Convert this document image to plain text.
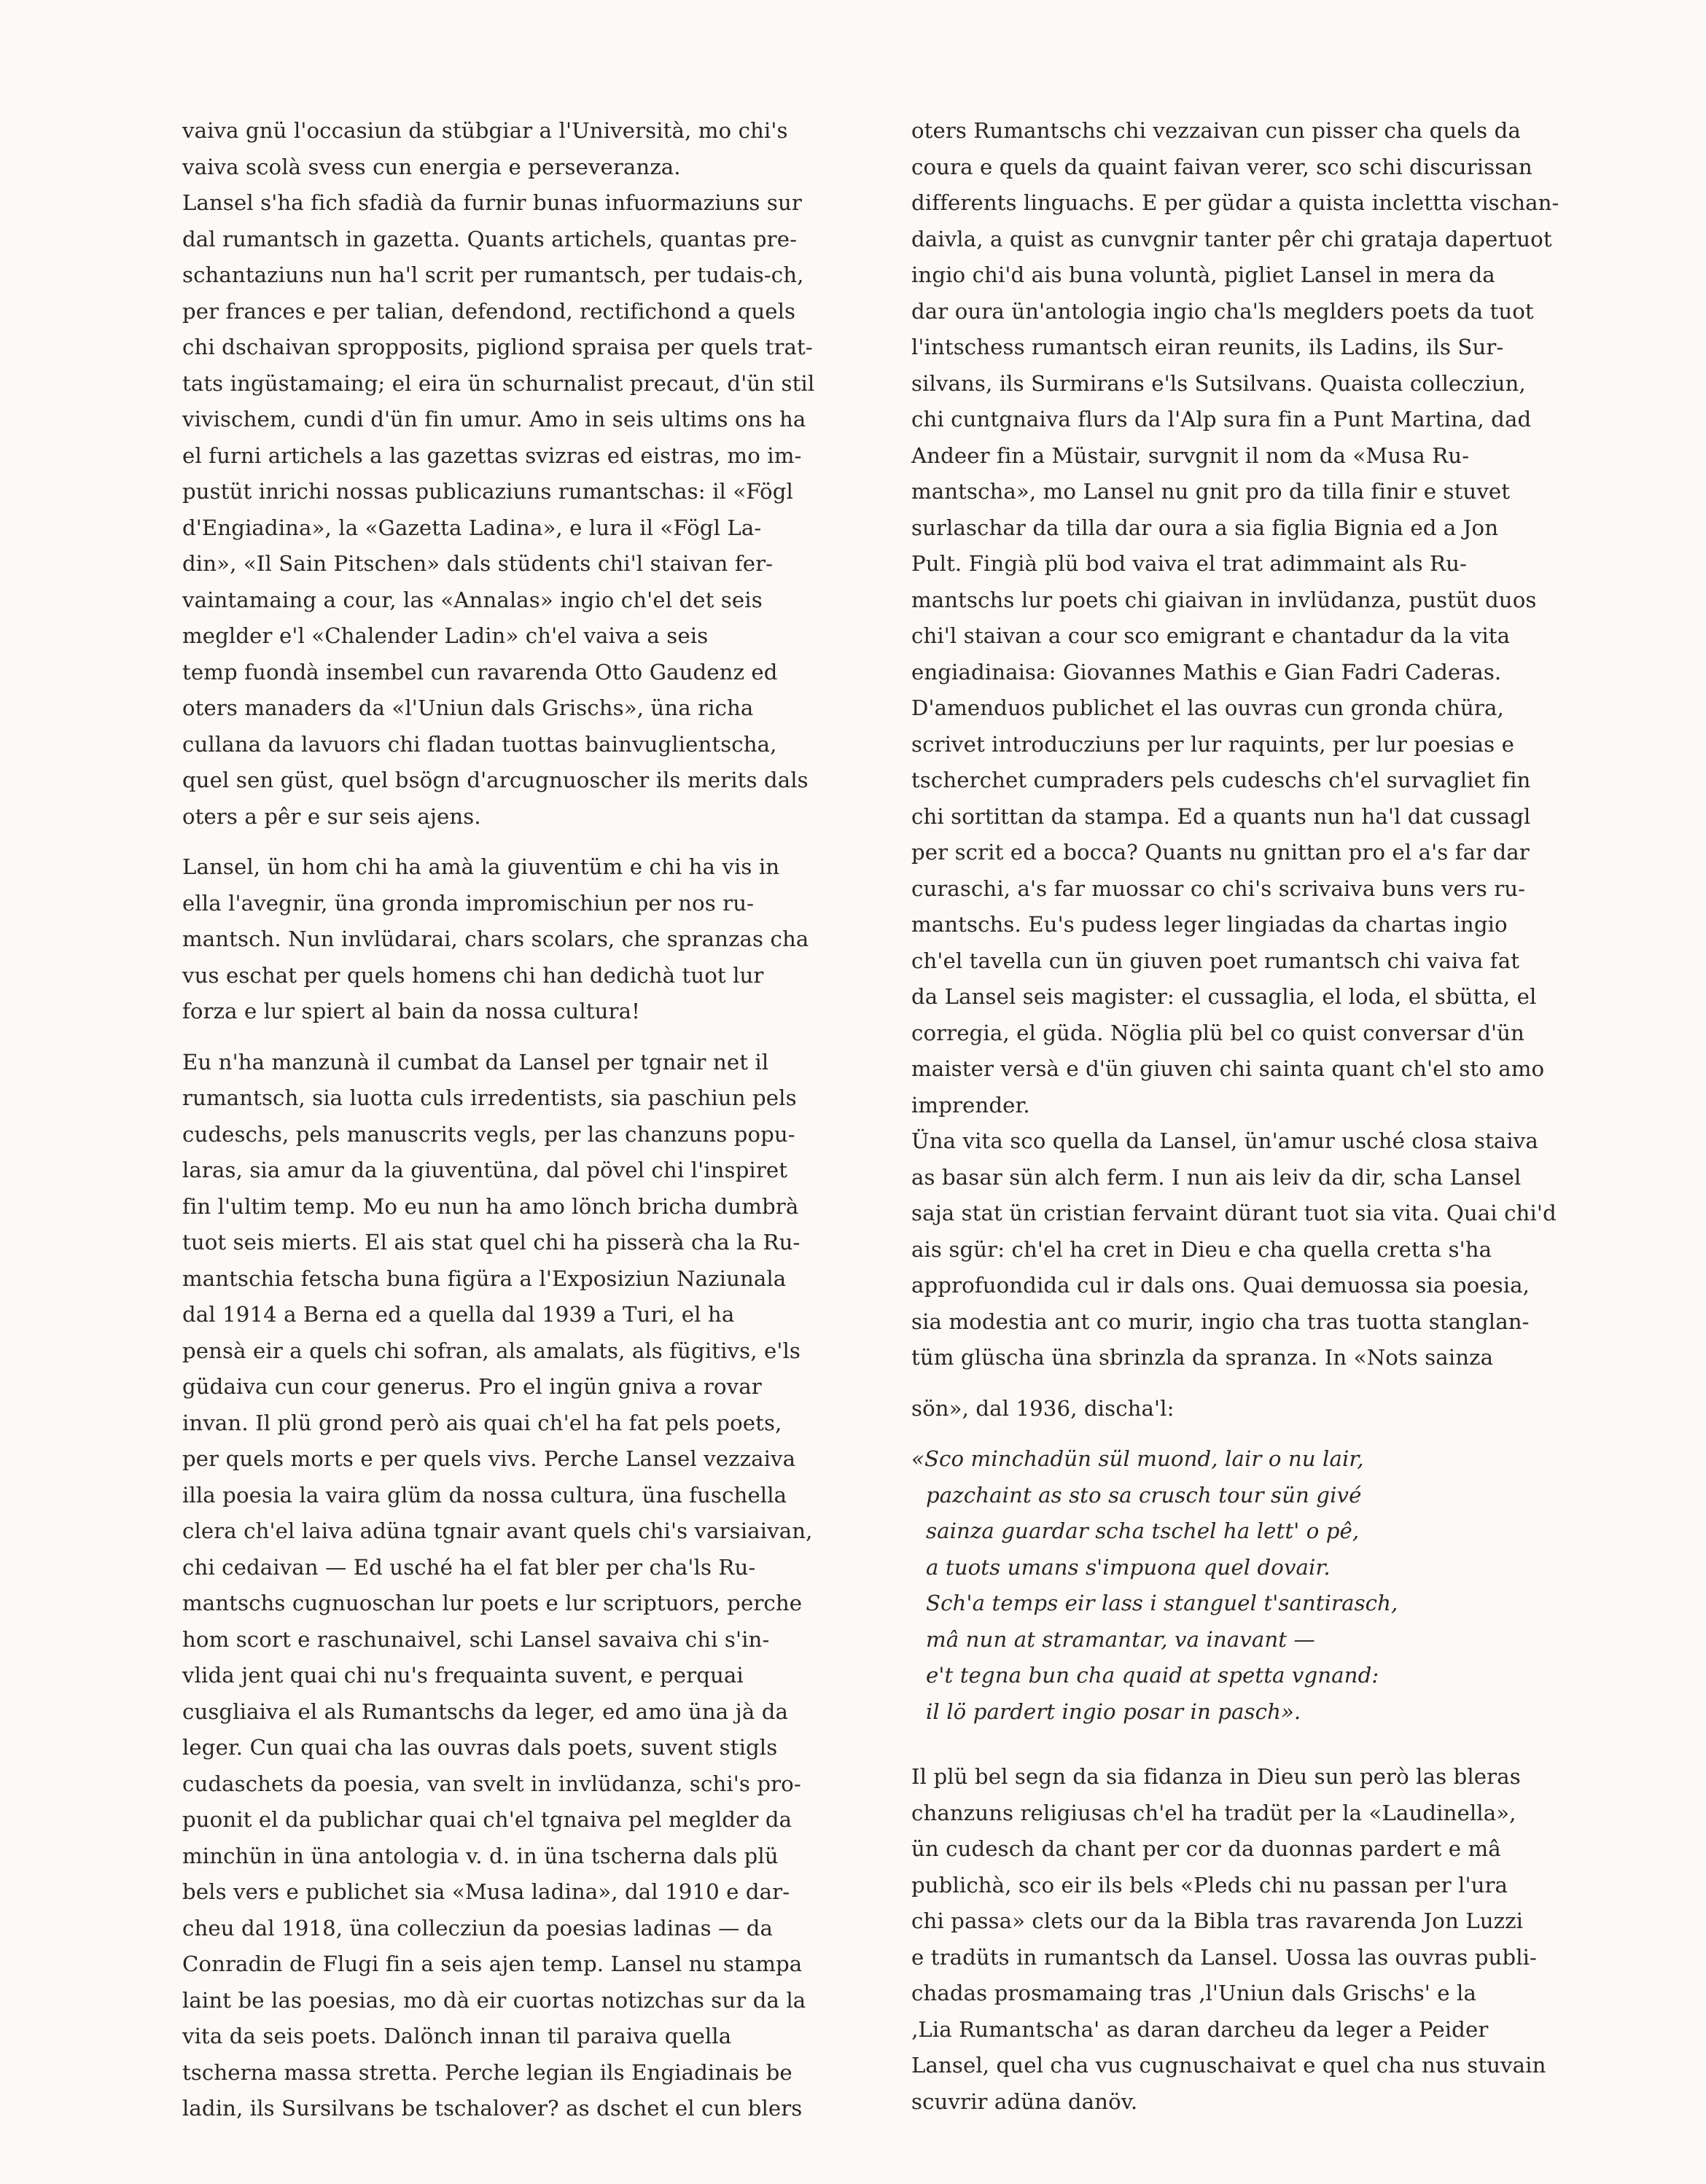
vaiva gnü l'occasiun da stübgiar a l'Università, mo chi's
vaiva scolà svess cun energia e perseveranza.
Lansel s'ha fich sfadià da furnir bunas infuormaziuns sur
dal rumantsch in gazetta. Quants artichels, quantas pre-
schantaziuns nun ha'l scrit per rumantsch, per tudais-ch,
per frances e per talian, defendond, rectifichond a quels
chi dschaivan spropposits, pigliond spraisa per quels trat-
tats ingüstamaing; el eira ün schurnalist precaut, d'ün stil
vivischem, cundi d'ün fin umur. Amo in seis ultims ons ha
el furni artichels a las gazettas svizras ed eistras, mo im-
pustüt inrichi nossas publicaziuns rumantschas: il «Fögl
d'Engiadina», la «Gazetta Ladina», e lura il «Fögl La-
din», «Il Sain Pitschen» dals stüdents chi'l staivan fer-
vaintamaing a cour, las «Annalas» ingio ch'el det seis
meglder e'l «Chalender Ladin» ch'el vaiva a seis
temp fuondà insembel cun ravarenda Otto Gaudenz ed
oters manaders da «l'Uniun dals Grischs», üna richa
cullana da lavuors chi fladan tuottas bainvuglientscha,
quel sen güst, quel bsögn d'arcugnuoscher ils merits dals
oters a pêr e sur seis ajens.
Lansel, ün hom chi ha amà la giuventüm e chi ha vis in
ella l'avegnir, üna gronda impromischiun per nos ru-
mantsch. Nun invlüdarai, chars scolars, che spranzas cha
vus eschat per quels homens chi han dedichà tuot lur
forza e lur spiert al bain da nossa cultura!
Eu n'ha manzunà il cumbat da Lansel per tgnair net il
rumantsch, sia luotta culs irredentists, sia paschiun pels
cudeschs, pels manuscrits vegls, per las chanzuns popu-
laras, sia amur da la giuventüna, dal pövel chi l'inspiret
fin l'ultim temp. Mo eu nun ha amo lönch bricha dumbrà
tuot seis mierts. El ais stat quel chi ha pisserà cha la Ru-
mantschia fetscha buna figüra a l'Exposiziun Naziunala
dal 1914 a Berna ed a quella dal 1939 a Turi, el ha
pensà eir a quels chi sofran, als amalats, als fügitivs, e'ls
güdaiva cun cour generus. Pro el ingün gniva a rovar
invan. Il plü grond però ais quai ch'el ha fat pels poets,
per quels morts e per quels vivs. Perche Lansel vezzaiva
illa poesia la vaira glüm da nossa cultura, üna fuschella
clera ch'el laiva adüna tgnair avant quels chi's varsiaivan,
chi cedaivan — Ed usché ha el fat bler per cha'ls Ru-
mantschs cugnuoschan lur poets e lur scriptuors, perche
hom scort e raschunaivel, schi Lansel savaiva chi s'in-
vlida jent quai chi nu's frequainta suvent, e perquai
cusgliaiva el als Rumantschs da leger, ed amo üna jà da
leger. Cun quai cha las ouvras dals poets, suvent stigls
cudaschets da poesia, van svelt in invlüdanza, schi's pro-
puonit el da publichar quai ch'el tgnaiva pel meglder da
minchün in üna antologia v. d. in üna tscherna dals plü
bels vers e publichet sia «Musa ladina», dal 1910 e dar-
cheu dal 1918, üna collecziun da poesias ladinas — da
Conradin de Flugi fin a seis ajen temp. Lansel nu stampa
laint be las poesias, mo dà eir cuortas notizchas sur da la
vita da seis poets. Dalönch innan til paraiva quella
tscherna massa stretta. Perche legian ils Engiadinais be
ladin, ils Sursilvans be tschalover? as dschet el cun blers
oters Rumantschs chi vezzaivan cun pisser cha quels da
coura e quels da quaint faivan verer, sco schi discurissan
differents linguachs. E per güdar a quista inclettta vischan-
daivla, a quist as cunvgnir tanter pêr chi grataja dapertuot
ingio chi'd ais buna voluntà, pigliet Lansel in mera da
dar oura ün'antologia ingio cha'ls meglders poets da tuot
l'intschess rumantsch eiran reunits, ils Ladins, ils Sur-
silvans, ils Surmirans e'ls Sutsilvans. Quaista collecziun,
chi cuntgnaiva flurs da l'Alp sura fin a Punt Martina, dad
Andeer fin a Müstair, survgnit il nom da «Musa Ru-
mantscha», mo Lansel nu gnit pro da tilla finir e stuvet
surlaschar da tilla dar oura a sia figlia Bignia ed a Jon
Pult. Fingià plü bod vaiva el trat adimmaint als Ru-
mantschs lur poets chi giaivan in invlüdanza, pustüt duos
chi'l staivan a cour sco emigrant e chantadur da la vita
engiadinaisa: Giovannes Mathis e Gian Fadri Caderas.
D'amenduos publichet el las ouvras cun gronda chüra,
scrivet introducziuns per lur raquints, per lur poesias e
tscherchet cumpraders pels cudeschs ch'el survagliet fin
chi sortittan da stampa. Ed a quants nun ha'l dat cussagl
per scrit ed a bocca? Quants nu gnittan pro el a's far dar
curaschi, a's far muossar co chi's scrivaiva buns vers ru-
mantschs. Eu's pudess leger lingiadas da chartas ingio
ch'el tavella cun ün giuven poet rumantsch chi vaiva fat
da Lansel seis magister: el cussaglia, el loda, el sbütta, el
corregia, el güda. Nöglia plü bel co quist conversar d'ün
maister versà e d'ün giuven chi sainta quant ch'el sto amo
imprender.
Üna vita sco quella da Lansel, ün'amur usché closa staiva
as basar sün alch ferm. I nun ais leiv da dir, scha Lansel
saja stat ün cristian fervaint dürant tuot sia vita. Quai chi'd
ais sgür: ch'el ha cret in Dieu e cha quella cretta s'ha
approfuondida cul ir dals ons. Quai demuossa sia poesia,
sia modestia ant co murir, ingio cha tras tuotta stanglan-
tüm glüscha üna sbrinzla da spranza. In «Nots sainza
sön», dal 1936, discha'l:
«Sco minchadün sül muond, lair o nu lair,
pazchaint as sto sa crusch tour sün givé
sainza guardar scha tschel ha lett' o pê,
a tuots umans s'impuona quel dovair.
Sch'a temps eir lass i stanguel t'santirasch,
mâ nun at stramantar, va inavant —
e't tegna bun cha quaid at spetta vgnand:
il lö pardert ingio posar in pasch».
Il plü bel segn da sia fidanza in Dieu sun però las bleras
chanzuns religiusas ch'el ha tradüt per la «Laudinella»,
ün cudesch da chant per cor da duonnas pardert e mâ
publichà, sco eir ils bels «Pleds chi nu passan per l'ura
chi passa» clets our da la Bibla tras ravarenda Jon Luzzi
e tradüts in rumantsch da Lansel. Uossa las ouvras publi-
chadas prosmamaing tras ‚l'Uniun dals Grischs' e la
‚Lia Rumantscha' as daran darcheu da leger a Peider
Lansel, quel cha vus cugnuschaivat e quel cha nus stuvain
scuvrir adüna danöv.
